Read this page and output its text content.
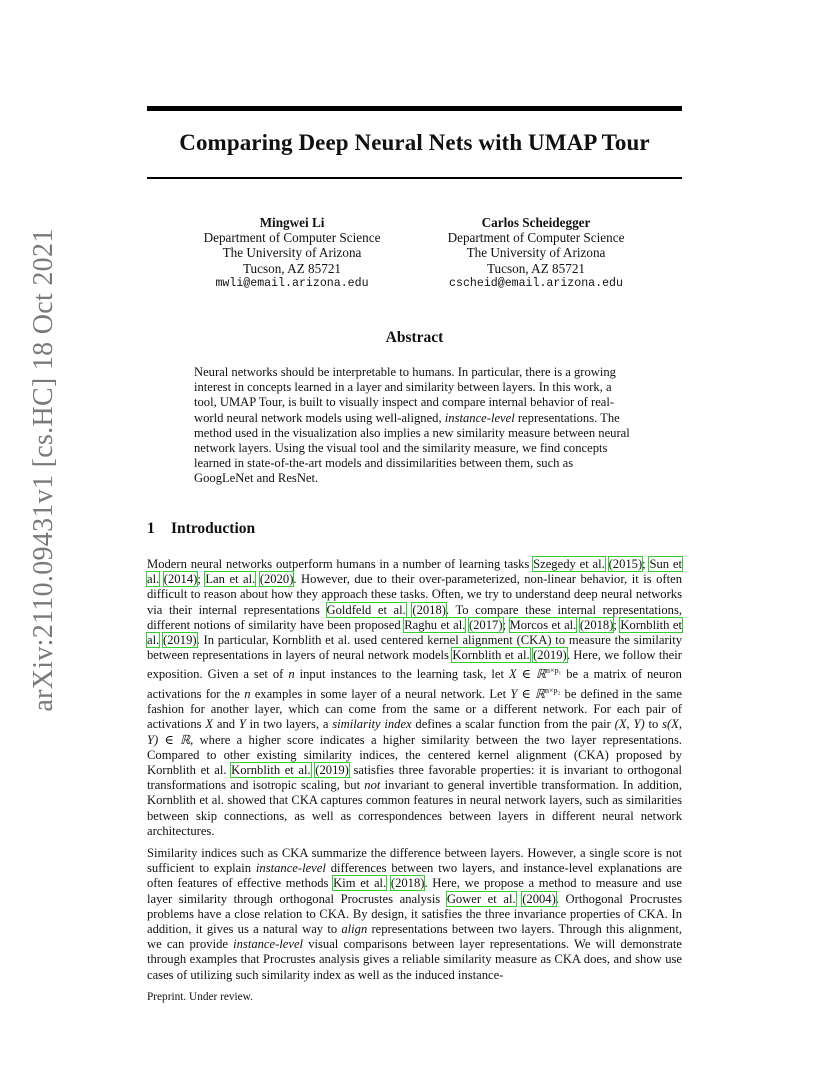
arXiv:2110.09431v1 [cs.HC] 18 Oct 2021
Comparing Deep Neural Nets with UMAP Tour
Mingwei Li
Department of Computer Science
The University of Arizona
Tucson, AZ 85721
mwli@email.arizona.edu
Carlos Scheidegger
Department of Computer Science
The University of Arizona
Tucson, AZ 85721
cscheid@email.arizona.edu
Abstract

Neural networks should be interpretable to humans. In particular, there is a growing interest in concepts learned in a layer and similarity between layers. In this work, a tool, UMAP Tour, is built to visually inspect and compare internal behavior of real-world neural network models using well-aligned, instance-level representations. The method used in the visualization also implies a new similarity measure between neural network layers. Using the visual tool and the similarity measure, we find concepts learned in state-of-the-art models and dissimilarities between them, such as GoogLeNet and ResNet.

1 Introduction

Modern neural networks outperform humans in a number of learning tasks Szegedy et al. (2015); Sun et al. (2014); Lan et al. (2020). However, due to their over-parameterized, non-linear behavior, it is often difficult to reason about how they approach these tasks. Often, we try to understand deep neural networks via their internal representations Goldfeld et al. (2018). To compare these internal representations, different notions of similarity have been proposed Raghu et al. (2017); Morcos et al. (2018); Kornblith et al. (2019). In particular, Kornblith et al. used centered kernel alignment (CKA) to measure the similarity between representations in layers of neural network models Kornblith et al. (2019). Here, we follow their exposition. Given a set of n input instances to the learning task, let X ∈ ℝ$^{n\times p_1}$ be a matrix of neuron activations for the n examples in some layer of a neural network. Let Y ∈ ℝ$^{n\times p_2}$ be defined in the same fashion for another layer, which can come from the same or a different network. For each pair of activations X and Y in two layers, a similarity index defines a scalar function from the pair (X, Y) to s(X, Y) ∈ ℝ, where a higher score indicates a higher similarity between the two layer representations. Compared to other existing similarity indices, the centered kernel alignment (CKA) proposed by Kornblith et al. Kornblith et al. (2019) satisfies three favorable properties: it is invariant to orthogonal transformations and isotropic scaling, but not invariant to general invertible transformation. In addition, Kornblith et al. showed that CKA captures common features in neural network layers, such as similarities between skip connections, as well as correspondences between layers in different neural network architectures.

Similarity indices such as CKA summarize the difference between layers. However, a single score is not sufficient to explain instance-level differences between two layers, and instance-level explanations are often features of effective methods Kim et al. (2018). Here, we propose a method to measure and use layer similarity through orthogonal Procrustes analysis Gower et al. (2004). Orthogonal Procrustes problems have a close relation to CKA. By design, it satisfies the three invariance properties of CKA. In addition, it gives us a natural way to align representations between two layers. Through this alignment, we can provide instance-level visual comparisons between layer representations. We will demonstrate through examples that Procrustes analysis gives a reliable similarity measure as CKA does, and show use cases of utilizing such similarity index as well as the induced instance-

Preprint. Under review.
